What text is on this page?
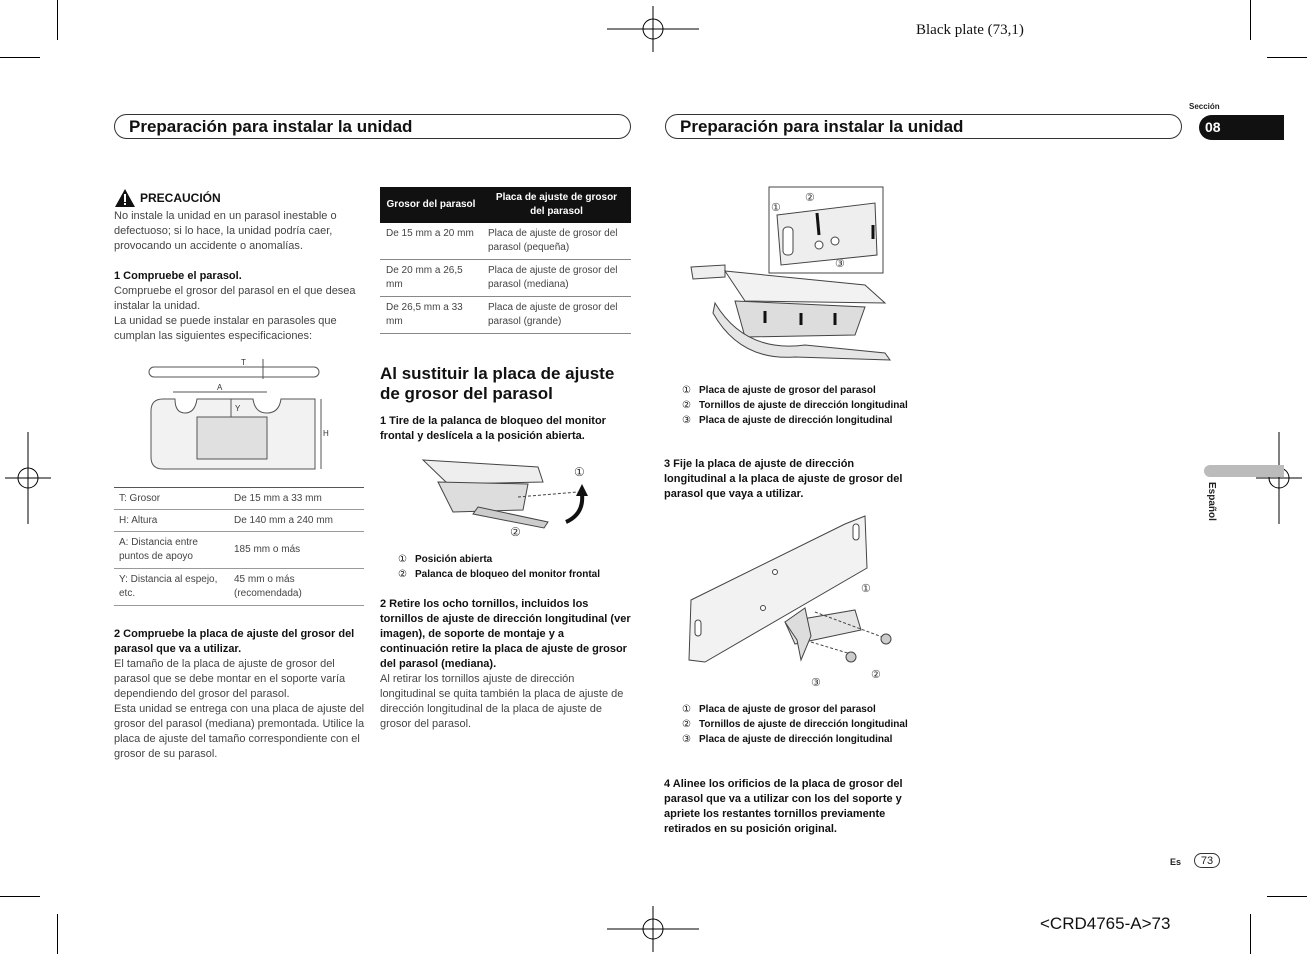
Black plate (73,1)
<CRD4765-A>73
Preparación para instalar la unidad	Preparación para instalar la unidad
Sección
08
Español
Es	73
PRECAUCIÓN

No instale la unidad en un parasol inestable o defectuoso; si lo hace, la unidad podría caer, provocando un accidente o anomalías.

1 Compruebe el parasol.

Compruebe el grosor del parasol en el que desea instalar la unidad.
La unidad se puede instalar en parasoles que cumplan las siguientes especificaciones:

T
A
Y
H
T: Grosor	De 15 mm a 33 mm
H: Altura	De 140 mm a 240 mm
A: Distancia entre puntos de apoyo	185 mm o más
Y: Distancia al espejo, etc.	45 mm o más (recomendada)

2 Compruebe la placa de ajuste del grosor del parasol que va a utilizar.

El tamaño de la placa de ajuste de grosor del parasol que se debe montar en el soporte varía dependiendo del grosor del parasol.
Esta unidad se entrega con una placa de ajuste del grosor del parasol (mediana) premontada. Utilice la placa de ajuste del tamaño correspondiente con el grosor de su parasol.

Grosor del parasol	Placa de ajuste de grosor del parasol
De 15 mm a 20 mm	Placa de ajuste de grosor del parasol (pequeña)
De 20 mm a 26,5 mm	Placa de ajuste de grosor del parasol (mediana)
De 26,5 mm a 33 mm	Placa de ajuste de grosor del parasol (grande)

Al sustituir la placa de ajuste de grosor del parasol

1 Tire de la palanca de bloqueo del monitor frontal y deslícela a la posición abierta.

①
②
① Posición abierta
② Palanca de bloqueo del monitor frontal

2 Retire los ocho tornillos, incluidos los tornillos de ajuste de dirección longitudinal (ver imagen), de soporte de montaje y a continuación retire la placa de ajuste de grosor del parasol (mediana).

Al retirar los tornillos ajuste de dirección longitudinal se quita también la placa de ajuste de dirección longitudinal de la placa de ajuste de grosor del parasol.

①
②
③
① Placa de ajuste de grosor del parasol
② Tornillos de ajuste de dirección longitudinal
③ Placa de ajuste de dirección longitudinal

3 Fije la placa de ajuste de dirección longitudinal a la placa de ajuste de grosor del parasol que vaya a utilizar.

①
②
③
① Placa de ajuste de grosor del parasol
② Tornillos de ajuste de dirección longitudinal
③ Placa de ajuste de dirección longitudinal

4 Alinee los orificios de la placa de grosor del parasol que va a utilizar con los del soporte y apriete los restantes tornillos previamente retirados en su posición original.
